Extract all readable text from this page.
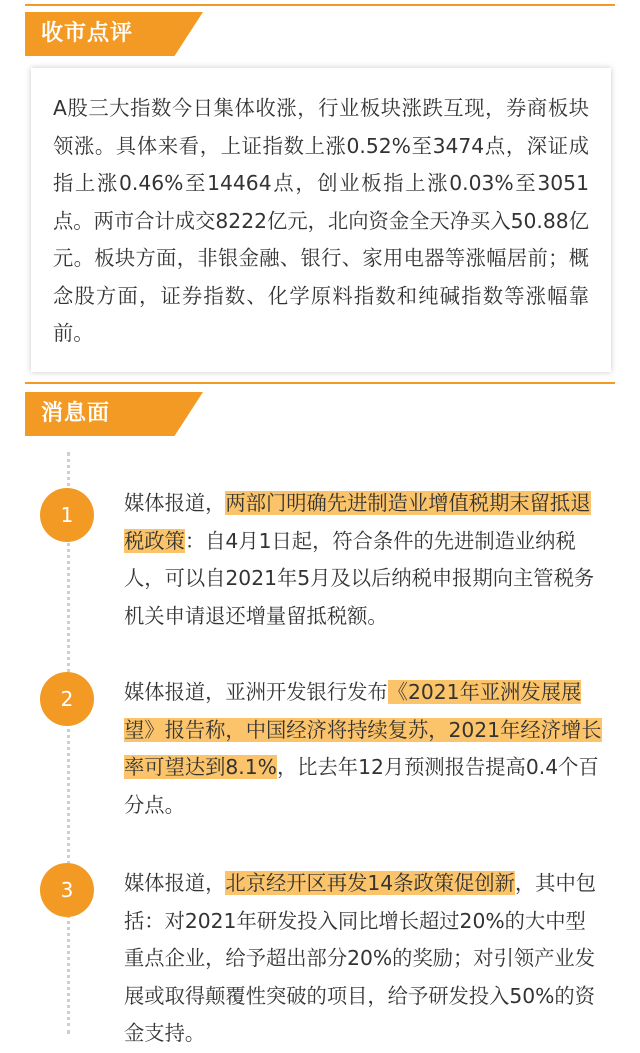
收市点评
A股三大指数今日集体收涨，行业板块涨跌互现，券商板块领涨。具体来看，上证指数上涨0.52%至3474点，深证成指上涨0.46%至14464点，创业板指上涨0.03%至3051点。两市合计成交8222亿元，北向资金全天净买入50.88亿元。板块方面，非银金融、银行、家用电器等涨幅居前；概念股方面，证券指数、化学原料指数和纯碱指数等涨幅靠前。
消息面
1	媒体报道，两部门明确先进制造业增值税期末留抵退税政策：自4月1日起，符合条件的先进制造业纳税人，可以自2021年5月及以后纳税申报期向主管税务机关申请退还增量留抵税额。
2	媒体报道，亚洲开发银行发布《2021年亚洲发展展望》报告称，中国经济将持续复苏，2021年经济增长率可望达到8.1%，比去年12月预测报告提高0.4个百分点。
3	媒体报道，北京经开区再发14条政策促创新，其中包括：对2021年研发投入同比增长超过20%的大中型重点企业，给予超出部分20%的奖励；对引领产业发展或取得颠覆性突破的项目，给予研发投入50%的资金支持。
